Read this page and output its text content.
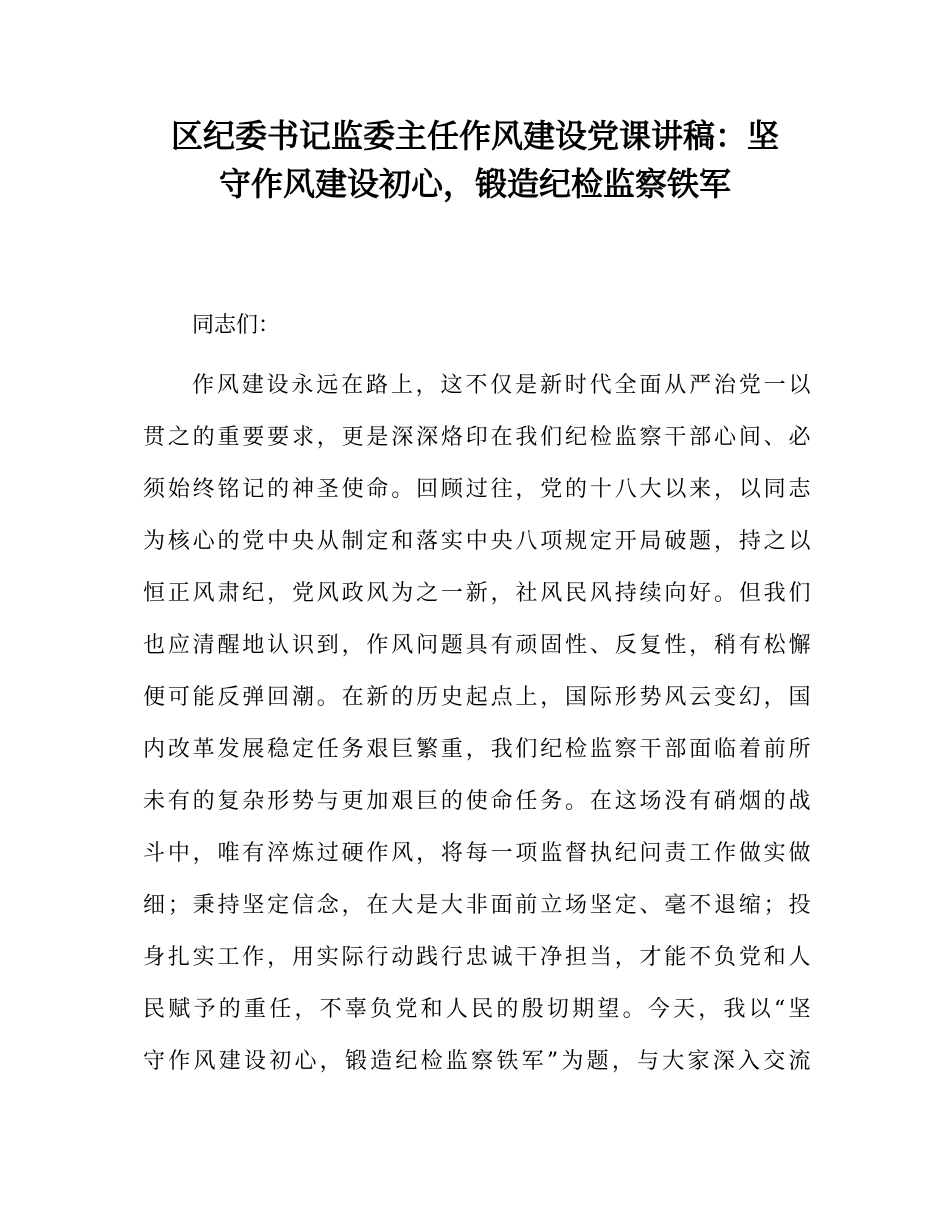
区纪委书记监委主任作风建设党课讲稿：坚
守作风建设初心，锻造纪检监察铁军

同志们：

作风建设永远在路上，这不仅是新时代全面从严治党一以
贯之的重要要求，更是深深烙印在我们纪检监察干部心间、必
须始终铭记的神圣使命。回顾过往，党的十八大以来，以同志
为核心的党中央从制定和落实中央八项规定开局破题，持之以
恒正风肃纪，党风政风为之一新，社风民风持续向好。但我们
也应清醒地认识到，作风问题具有顽固性、反复性，稍有松懈
便可能反弹回潮。在新的历史起点上，国际形势风云变幻，国
内改革发展稳定任务艰巨繁重，我们纪检监察干部面临着前所
未有的复杂形势与更加艰巨的使命任务。在这场没有硝烟的战
斗中，唯有淬炼过硬作风，将每一项监督执纪问责工作做实做
细；秉持坚定信念，在大是大非面前立场坚定、毫不退缩；投
身扎实工作，用实际行动践行忠诚干净担当，才能不负党和人
民赋予的重任，不辜负党和人民的殷切期望。今天，我以“坚
守作风建设初心，锻造纪检监察铁军”为题，与大家深入交流
